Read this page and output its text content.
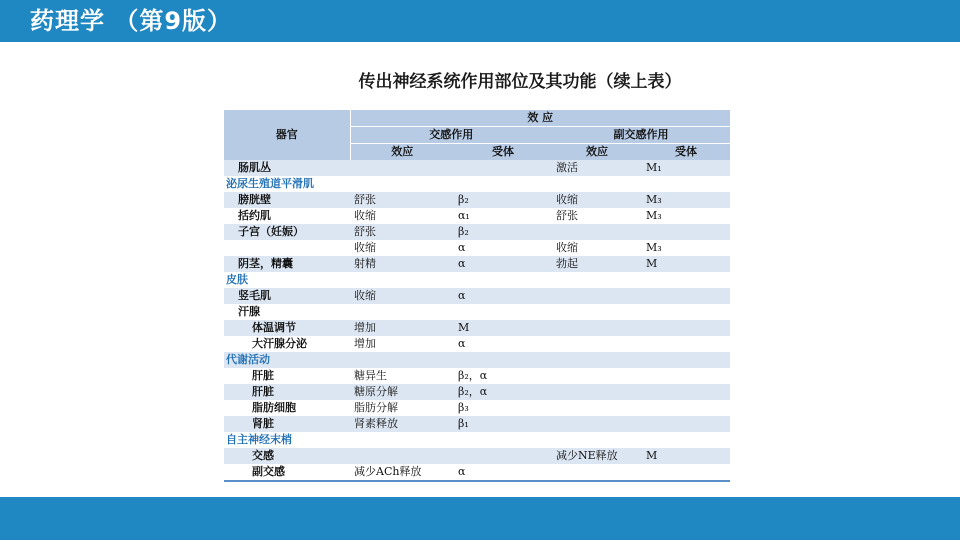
药理学 （第9版）
传出神经系统作用部位及其功能（续上表）
器官	效 应			
	交感作用		副交感作用	
	效应	受体	效应	受体
肠肌丛			激活	M₁
泌尿生殖道平滑肌				
膀胱壁	舒张	β₂	收缩	M₃
括约肌	收缩	α₁	舒张	M₃
子宫（妊娠）	舒张	β₂		
	收缩	α	收缩	M₃
阴茎，精囊	射精	α	勃起	M
皮肤				
竖毛肌	收缩	α		
汗腺				
体温调节	增加	M		
大汗腺分泌	增加	α		
代谢活动				
肝脏	糖异生	β₂，α		
肝脏	糖原分解	β₂，α		
脂肪细胞	脂肪分解	β₃		
肾脏	肾素释放	β₁		
自主神经末梢				
交感			减少NE释放	M
副交感	减少ACh释放	α		
